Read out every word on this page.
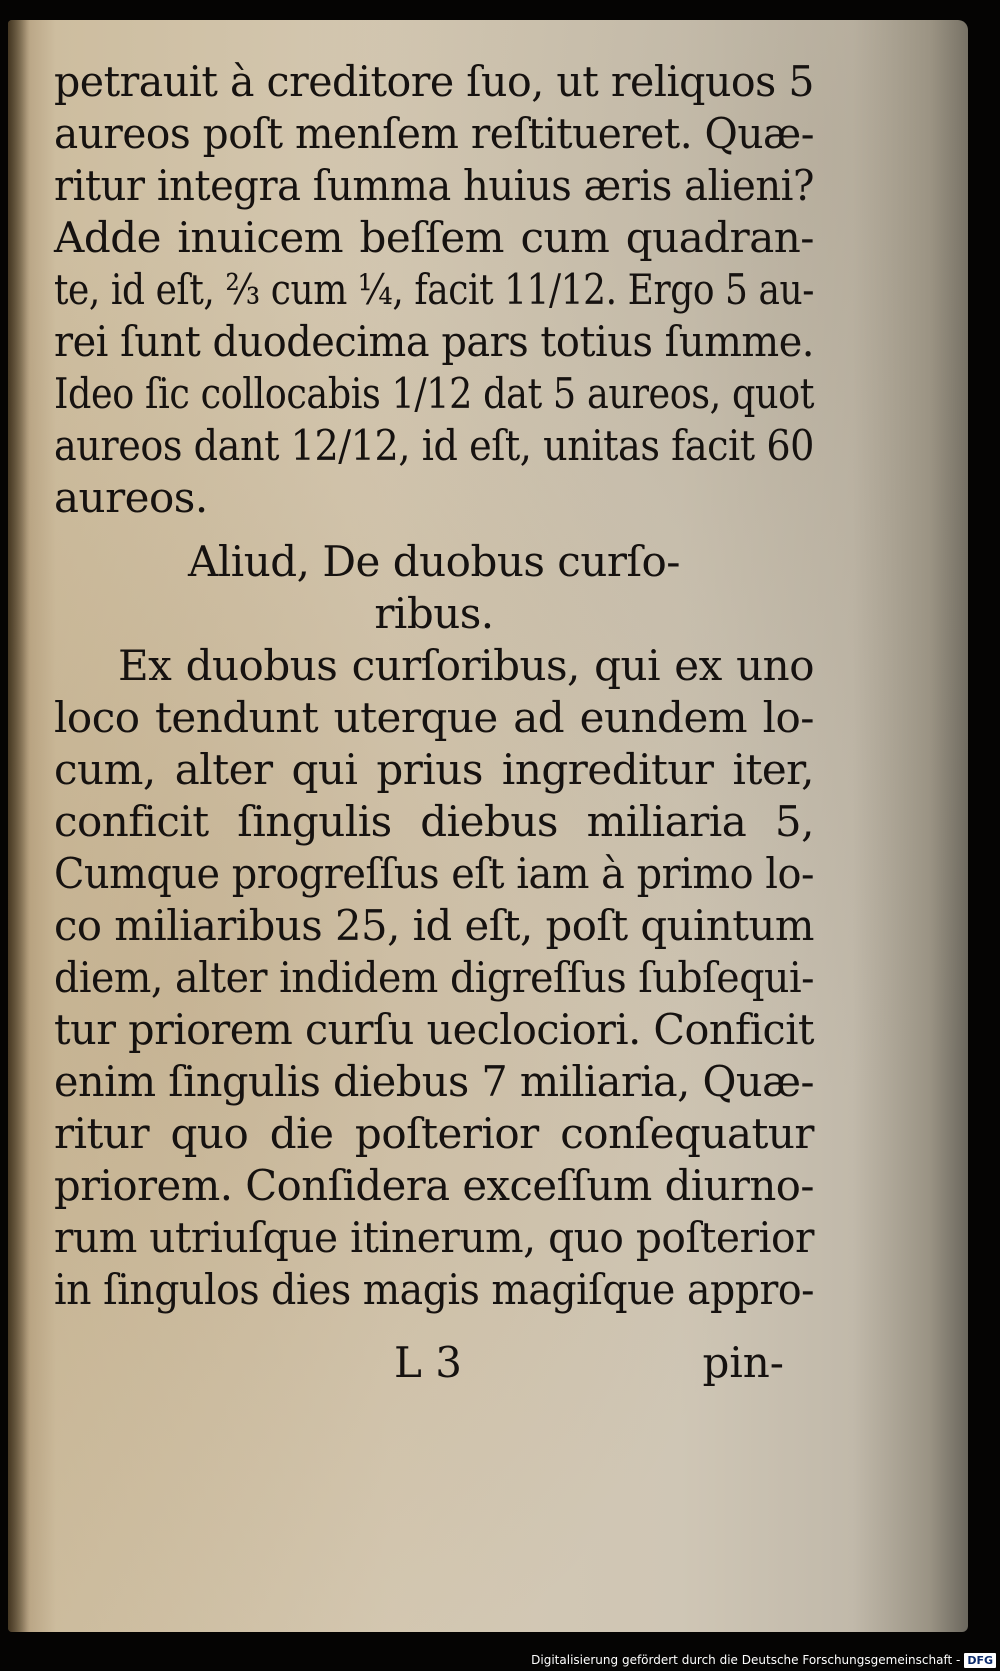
petrauit à creditore ſuo, ut reliquos 5
aureos poſt menſem reſtitueret. Quæ-
ritur integra ſumma huius æris alieni?
Adde inuicem beſſem cum quadran-
te, id eſt, ⅔ cum ¼, facit 11/12. Ergo 5 au-
rei ſunt duodecima pars totius ſumme.
Ideo ſic collocabis 1/12 dat 5 aureos, quot
aureos dant 12/12, id eſt, unitas facit 60
aureos.
Aliud, De duobus curſo-
ribus.
Ex duobus curſoribus, qui ex uno
loco tendunt uterque ad eundem lo-
cum, alter qui prius ingreditur iter,
conficit ſingulis diebus miliaria 5,
Cumque progreſſus eſt iam à primo lo-
co miliaribus 25, id eſt, poſt quintum
diem, alter indidem digreſſus ſubſequi-
tur priorem curſu ueclociori. Conficit
enim ſingulis diebus 7 miliaria, Quæ-
ritur quo die poſterior conſequatur
priorem. Conſidera exceſſum diurno-
rum utriuſque itinerum, quo poſterior
in ſingulos dies magis magiſque appro-
L 3	pin-
Digitalisierung gefördert durch die Deutsche Forschungsgemeinschaft - DFG
